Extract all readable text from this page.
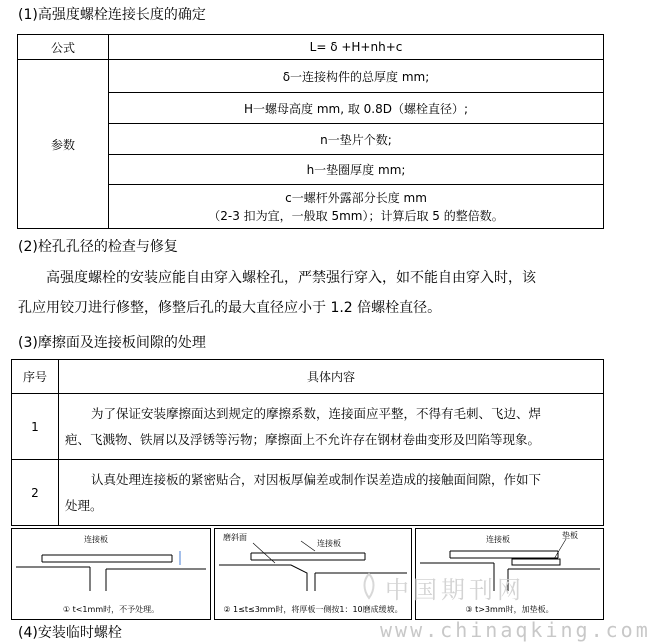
(1)高强度螺栓连接长度的确定
公式	L= δ +H+nh+c
参数	δ一连接构件的总厚度 mm;
	H一螺母高度 mm, 取 0.8D（螺栓直径）;
	n一垫片个数;
	h一垫圈厚度 mm;

	c一螺杆外露部分长度 mm
（2-3 扣为宜，一般取 5mm）；计算后取 5 的整倍数。
(2)栓孔孔径的检查与修复
高强度螺栓的安装应能自由穿入螺栓孔，严禁强行穿入，如不能自由穿入时，该
孔应用铰刀进行修整，修整后孔的最大直径应小于 1.2 倍螺栓直径。
(3)摩擦面及连接板间隙的处理
序号	具体内容
1	为了保证安装摩擦面达到规定的摩擦系数，连接面应平整，不得有毛刺、飞边、焊
疤、飞溅物、铁屑以及浮锈等污物；摩擦面上不允许存在钢材卷曲变形及凹陷等现象。

2	认真处理连接板的紧密贴合，对因板厚偏差或制作误差造成的接触面间隙，作如下
处理。
连接板
① t<1mm时，不予处理。
磨斜面
连接板
② 1≤t≤3mm时，将厚板一侧按1：10磨成缓坡。
连接板	垫板
③ t>3mm时，加垫板。
(4)安装临时螺栓
中国期刊网
www.chinaqking.com
